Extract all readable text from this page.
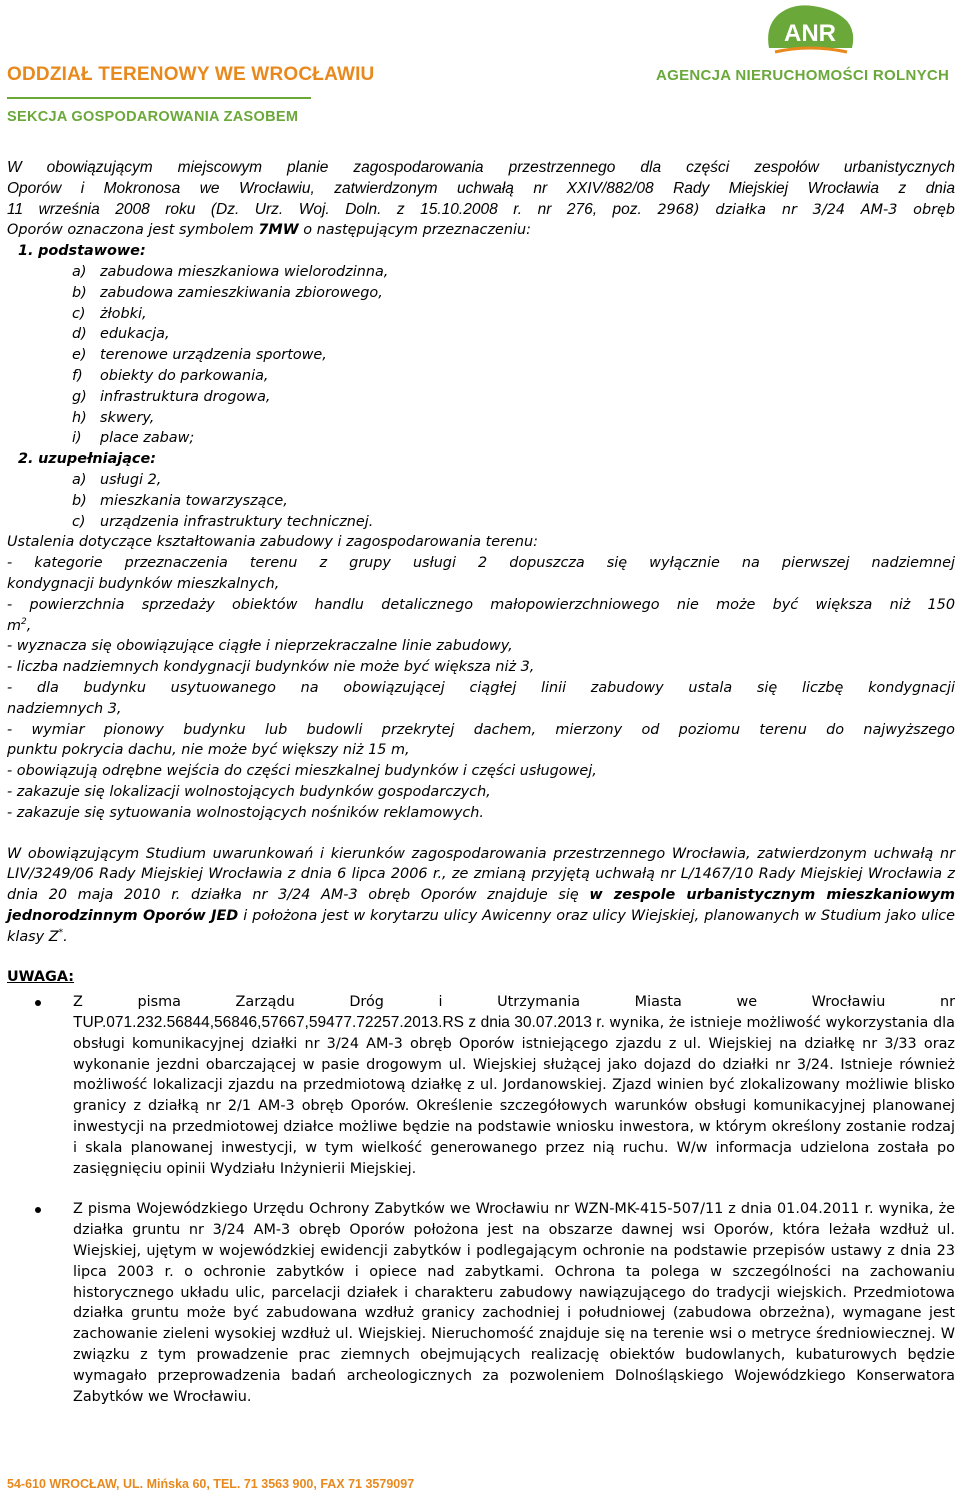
ODDZIAŁ TERENOWY WE WROCŁAWIU
SEKCJA GOSPODAROWANIA ZASOBEM
ANR
AGENCJA NIERUCHOMOŚCI ROLNYCH
W obowiązującym miejscowym planie zagospodarowania przestrzennego dla części zespołów urbanistycznych
Oporów i Mokronosa we Wrocławiu, zatwierdzonym uchwałą nr XXIV/882/08 Rady Miejskiej Wrocławia z dnia
11 września 2008 roku (Dz. Urz. Woj. Doln. z 15.10.2008 r. nr 276, poz. 2968) działka nr 3/24 AM-3 obręb
Oporów oznaczona jest symbolem 7MW o następującym przeznaczeniu:
1. podstawowe:
a) zabudowa mieszkaniowa wielorodzinna,
b) zabudowa zamieszkiwania zbiorowego,
c) żłobki,
d) edukacja,
e) terenowe urządzenia sportowe,
f) obiekty do parkowania,
g) infrastruktura drogowa,
h) skwery,
i) place zabaw;
2. uzupełniające:
a) usługi 2,
b) mieszkania towarzyszące,
c) urządzenia infrastruktury technicznej.
Ustalenia dotyczące kształtowania zabudowy i zagospodarowania terenu:
- kategorie przeznaczenia terenu z grupy usługi 2 dopuszcza się wyłącznie na pierwszej nadziemnej
kondygnacji budynków mieszkalnych,
- powierzchnia sprzedaży obiektów handlu detalicznego małopowierzchniowego nie może być większa niż 150
$m^2$,
- wyznacza się obowiązujące ciągłe i nieprzekraczalne linie zabudowy,
- liczba nadziemnych kondygnacji budynków nie może być większa niż 3,
- dla budynku usytuowanego na obowiązującej ciągłej linii zabudowy ustala się liczbę kondygnacji
nadziemnych 3,
- wymiar pionowy budynku lub budowli przekrytej dachem, mierzony od poziomu terenu do najwyższego
punktu pokrycia dachu, nie może być większy niż 15 m,
- obowiązują odrębne wejścia do części mieszkalnej budynków i części usługowej,
- zakazuje się lokalizacji wolnostojących budynków gospodarczych,
- zakazuje się sytuowania wolnostojących nośników reklamowych.
W obowiązującym Studium uwarunkowań i kierunków zagospodarowania przestrzennego Wrocławia, zatwierdzonym uchwałą nr LIV/3249/06 Rady Miejskiej Wrocławia z dnia 6 lipca 2006 r., ze zmianą przyjętą uchwałą nr L/1467/10 Rady Miejskiej Wrocławia z dnia 20 maja 2010 r. działka nr 3/24 AM-3 obręb Oporów znajduje się w zespole urbanistycznym mieszkaniowym jednorodzinnym Oporów JED i położona jest w korytarzu ulicy Awicenny oraz ulicy Wiejskiej, planowanych w Studium jako ulice klasy Z*.
UWAGA:
Z pisma Zarządu Dróg i Utrzymania Miasta we Wrocławiu nr
TUP.071.232.56844,56846,57667,59477.72257.2013.RS z dnia 30.07.2013 r. wynika, że istnieje możliwość wykorzystania dla obsługi komunikacyjnej działki nr 3/24 AM-3 obręb Oporów istniejącego zjazdu z ul. Wiejskiej na działkę nr 3/33 oraz wykonanie jezdni obarczającej w pasie drogowym ul. Wiejskiej służącej jako dojazd do działki nr 3/24. Istnieje również możliwość lokalizacji zjazdu na przedmiotową działkę z ul. Jordanowskiej. Zjazd winien być zlokalizowany możliwie blisko granicy z działką nr 2/1 AM-3 obręb Oporów. Określenie szczegółowych warunków obsługi komunikacyjnej planowanej inwestycji na przedmiotowej działce możliwe będzie na podstawie wniosku inwestora, w którym określony zostanie rodzaj i skala planowanej inwestycji, w tym wielkość generowanego przez nią ruchu. W/w informacja udzielona została po zasięgnięciu opinii Wydziału Inżynierii Miejskiej.
Z pisma Wojewódzkiego Urzędu Ochrony Zabytków we Wrocławiu nr WZN-MK-415-507/11 z dnia 01.04.2011 r. wynika, że działka gruntu nr 3/24 AM-3 obręb Oporów położona jest na obszarze dawnej wsi Oporów, która leżała wzdłuż ul. Wiejskiej, ujętym w wojewódzkiej ewidencji zabytków i podlegającym ochronie na podstawie przepisów ustawy z dnia 23 lipca 2003 r. o ochronie zabytków i opiece nad zabytkami. Ochrona ta polega w szczególności na zachowaniu historycznego układu ulic, parcelacji działek i charakteru zabudowy nawiązującego do tradycji wiejskich. Przedmiotowa działka gruntu może być zabudowana wzdłuż granicy zachodniej i południowej (zabudowa obrzeżna), wymagane jest zachowanie zieleni wysokiej wzdłuż ul. Wiejskiej. Nieruchomość znajduje się na terenie wsi o metryce średniowiecznej. W związku z tym prowadzenie prac ziemnych obejmujących realizację obiektów budowlanych, kubaturowych będzie wymagało przeprowadzenia badań archeologicznych za pozwoleniem Dolnośląskiego Wojewódzkiego Konserwatora Zabytków we Wrocławiu.
54-610 WROCŁAW, UL. Mińska 60, TEL. 71 3563 900, FAX 71 3579097
